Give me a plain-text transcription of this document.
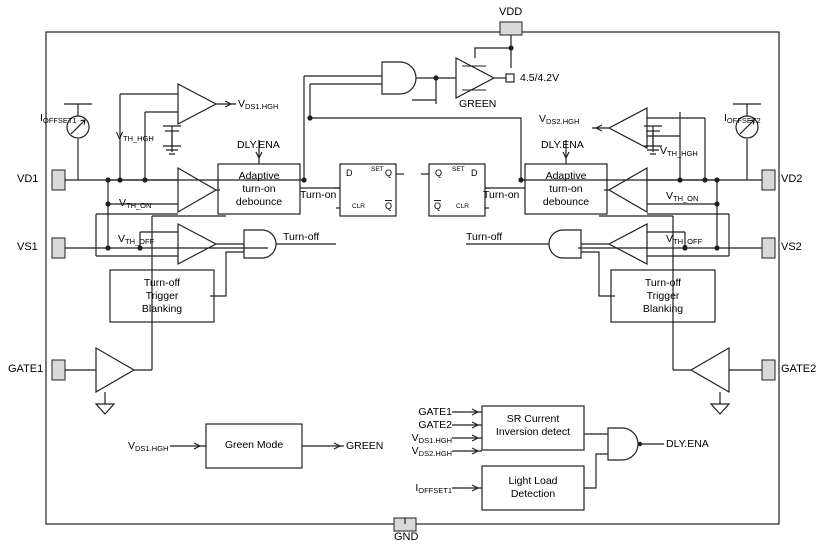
VDD
GND
VD1
VS1
GATE1
VD2
VS2
GATE2
IOFFSET1
VTH_HGH
VDS1.HGH
VTH_ON
VTH_OFF
DLY.ENA
Turn-on
Turn-off
IOFFSET2
VTH_HGH
VDS2.HGH
VTH_ON
VTH_OFF
DLY.ENA
Turn-on
Turn-off
GREEN
4.5/4.2V
D	Q
SET
CLR Q
Q	D
SET
CLR
Q
Adaptive
turn-on
debounce
Adaptive
turn-on
debounce
Turn-off
Trigger
Blanking
Turn-off
Trigger
Blanking
Green Mode
VDS1.HGH	GREEN
SR Current
Inversion detect
Light Load
Detection
GATE1
GATE2
VDS1.HGH
VDS2.HGH
IOFFSET1
DLY.ENA
